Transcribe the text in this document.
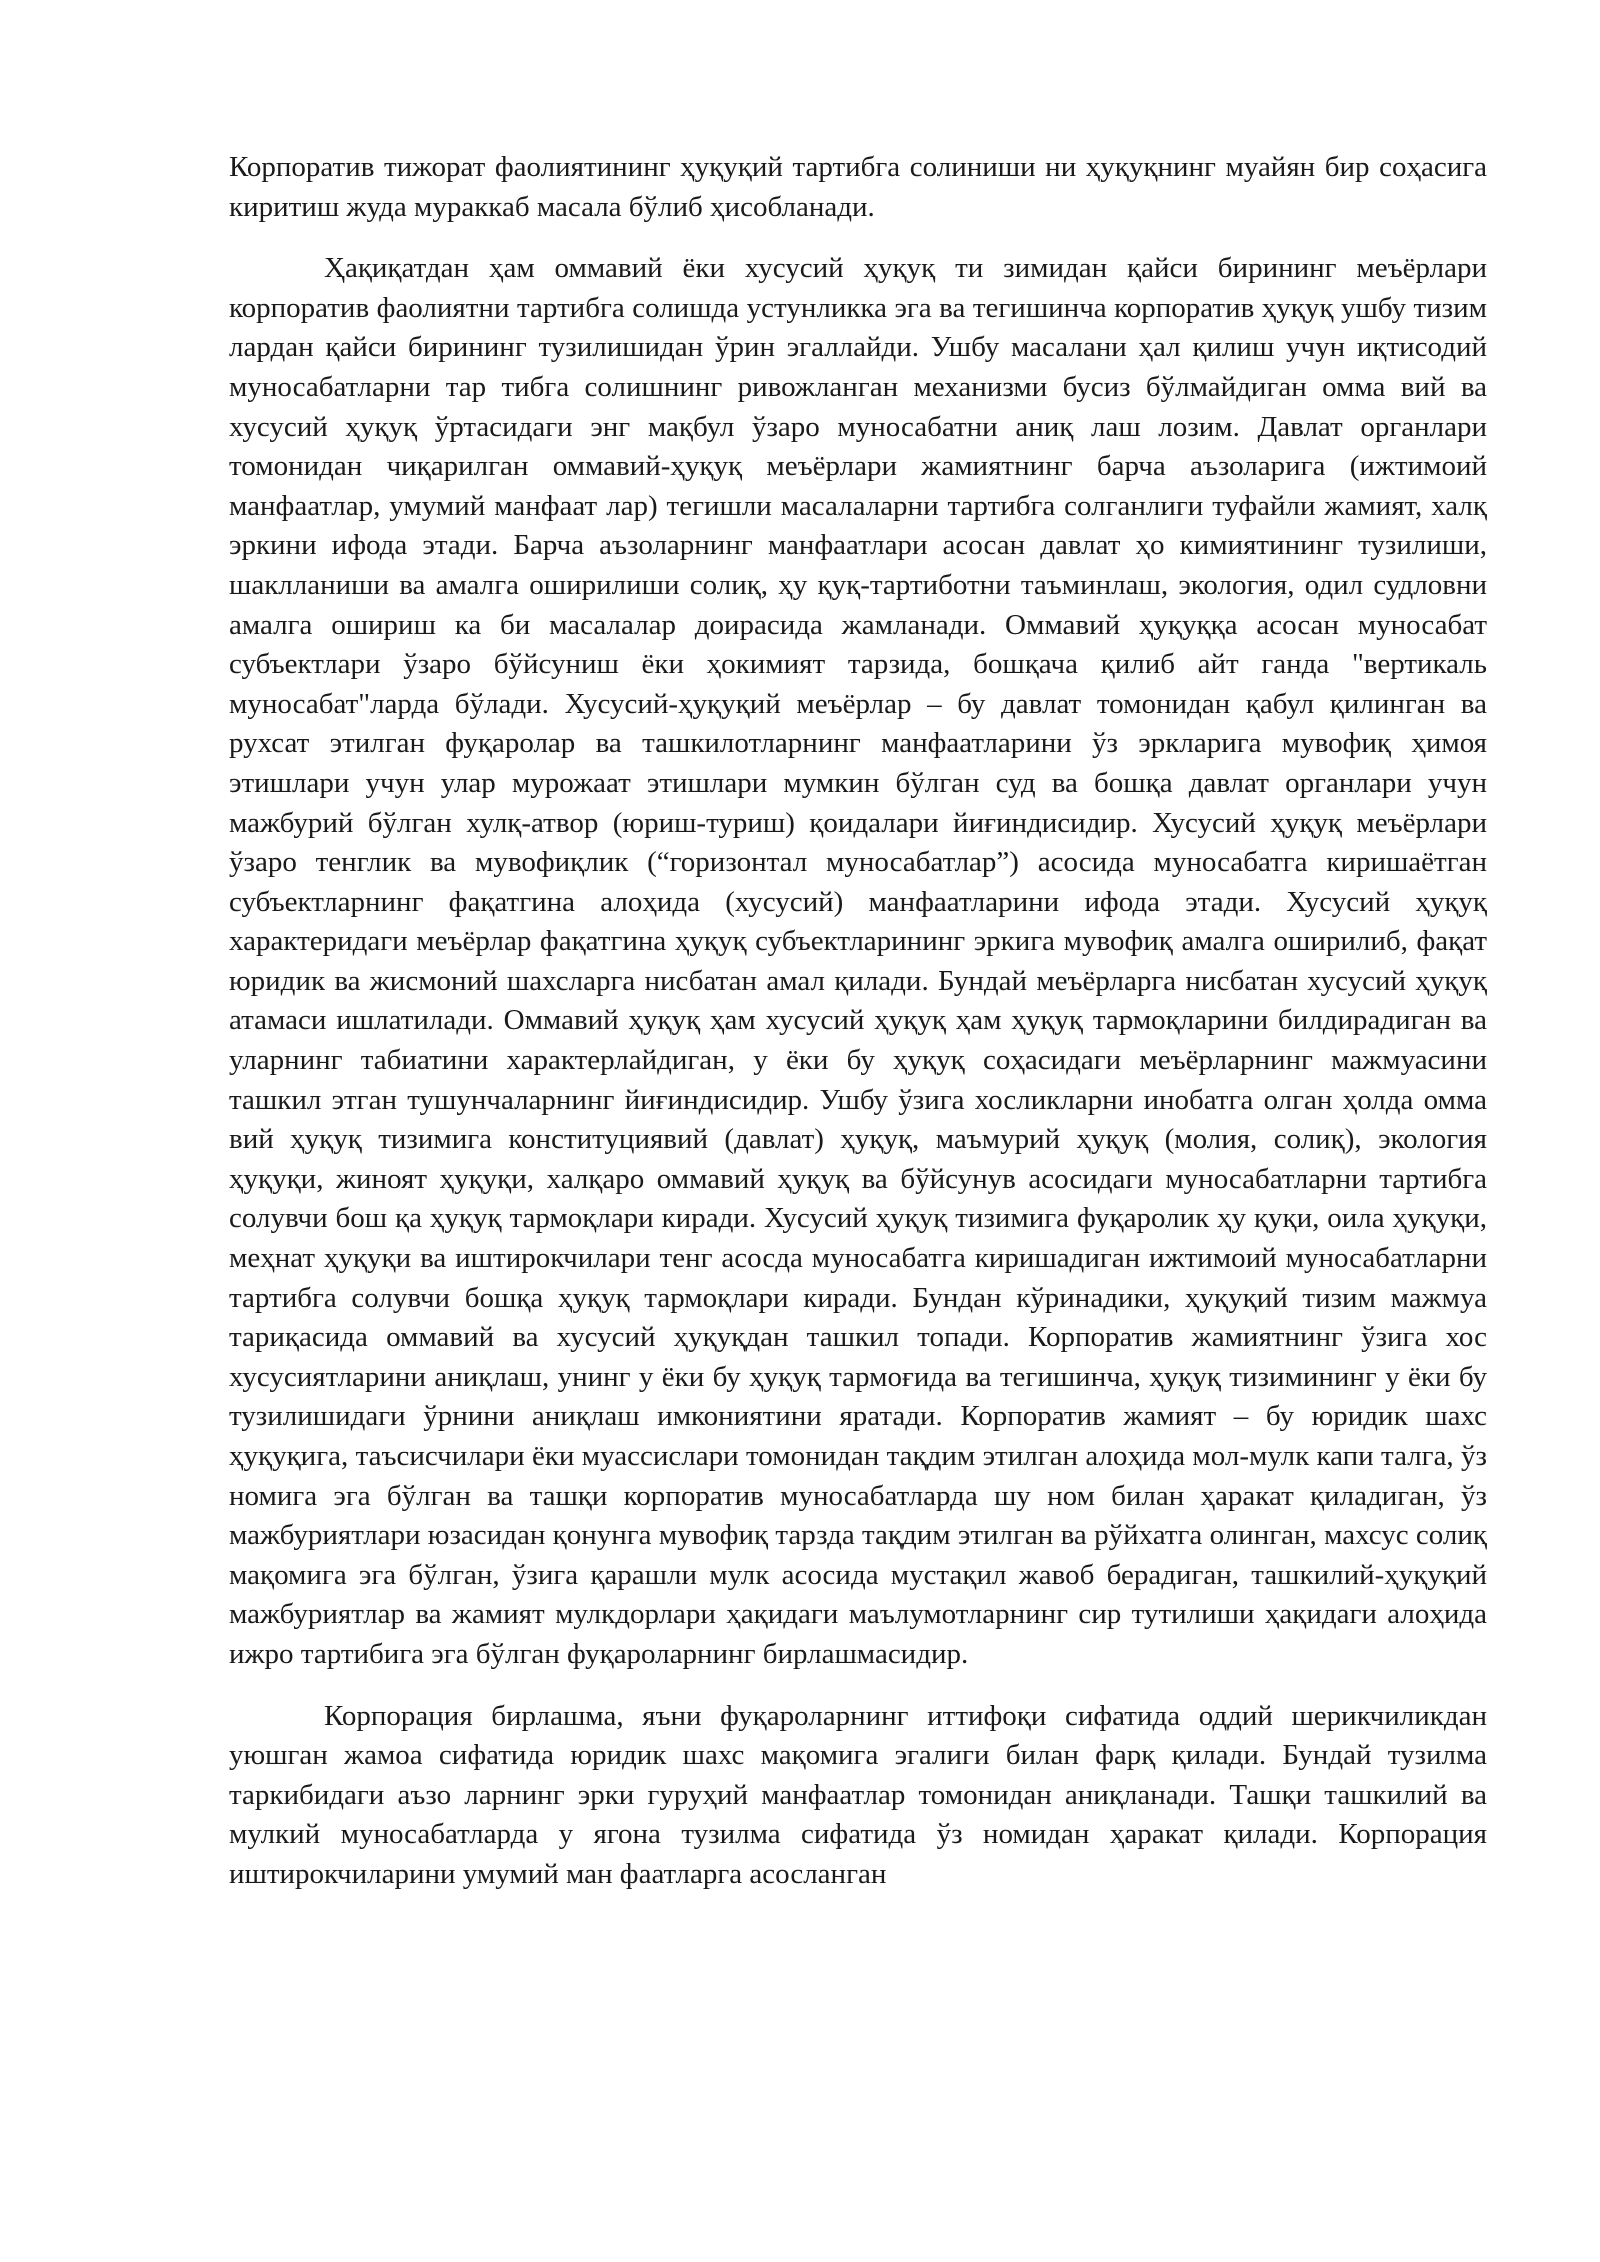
Корпоратив тижорат фаолиятининг ҳуқуқий тартибга солиниши ни ҳуқуқнинг муайян бир соҳасига киритиш жуда мураккаб масала бўлиб ҳисобланади.

Ҳақиқатдан ҳам оммавий ёки хусусий ҳуқуқ ти зимидан қайси бирининг меъёрлари корпоратив фаолиятни тартибга солишда устунликка эга ва тегишинча корпоратив ҳуқуқ ушбу тизим лардан қайси бирининг тузилишидан ўрин эгаллайди. Ушбу масалани ҳал қилиш учун иқтисодий муносабатларни тар тибга солишнинг ривожланган механизми бусиз бўлмайдиган омма вий ва хусусий ҳуқуқ ўртасидаги энг мақбул ўзаро муносабатни аниқ лаш лозим. Давлат органлари томонидан чиқарилган оммавий-ҳуқуқ меъёрлари жамиятнинг барча аъзоларига (ижтимоий манфаатлар, умумий манфаат лар) тегишли масалаларни тартибга солганлиги туфайли жамият, халқ эркини ифода этади. Барча аъзоларнинг манфаатлари асосан давлат ҳо кимиятининг тузилиши, шаклланиши ва амалга оширилиши солиқ, ҳу қуқ-тартиботни таъминлаш, экология, одил судловни амалга ошириш ка би масалалар доирасида жамланади. Оммавий ҳуқуққа асосан муносабат субъектлари ўзаро бўйсуниш ёки ҳокимият тарзида, бошқача қилиб айт ганда "вертикаль муносабат"ларда бўлади. Хусусий-ҳуқуқий меъёрлар – бу давлат томонидан қабул қилинган ва рухсат этилган фуқаролар ва ташкилотларнинг манфаатларини ўз эркларига мувофиқ ҳимоя этишлари учун улар мурожаат этишлари мумкин бўлган суд ва бошқа давлат органлари учун мажбурий бўлган хулқ-атвор (юриш-туриш) қоидалари йиғиндисидир. Хусусий ҳуқуқ меъёрлари ўзаро тенглик ва мувофиқлик (“горизонтал муносабатлар”) асосида муносабатга киришаётган субъектларнинг фақатгина алоҳида (хусусий) манфаатларини ифода этади. Хусусий ҳуқуқ характеридаги меъёрлар фақатгина ҳуқуқ субъектларининг эркига мувофиқ амалга оширилиб, фақат юридик ва жисмоний шахсларга нисбатан амал қилади. Бундай меъёрларга нисбатан хусусий ҳуқуқ атамаси ишлатилади. Оммавий ҳуқуқ ҳам хусусий ҳуқуқ ҳам ҳуқуқ тармоқларини билдирадиган ва уларнинг табиатини характерлайдиган, у ёки бу ҳуқуқ соҳасидаги меъёрларнинг мажмуасини ташкил этган тушунчаларнинг йиғиндисидир. Ушбу ўзига хосликларни инобатга олган ҳолда омма вий ҳуқуқ тизимига конституциявий (давлат) ҳуқуқ, маъмурий ҳуқуқ (молия, солиқ), экология ҳуқуқи, жиноят ҳуқуқи, халқаро оммавий ҳуқуқ ва бўйсунув асосидаги муносабатларни тартибга солувчи бош қа ҳуқуқ тармоқлари киради. Хусусий ҳуқуқ тизимига фуқаролик ҳу қуқи, оила ҳуқуқи, меҳнат ҳуқуқи ва иштирокчилари тенг асосда муносабатга киришадиган ижтимоий муносабатларни тартибга солувчи бошқа ҳуқуқ тармоқлари киради. Бундан кўринадики, ҳуқуқий тизим мажмуа тариқасида оммавий ва хусусий ҳуқуқдан ташкил топади. Корпоратив жамиятнинг ўзига хос хусусиятларини аниқлаш, унинг у ёки бу ҳуқуқ тармоғида ва тегишинча, ҳуқуқ тизимининг у ёки бу тузилишидаги ўрнини аниқлаш имкониятини яратади. Корпоратив жамият – бу юридик шахс ҳуқуқига, таъсисчилари ёки муассислари томонидан тақдим этилган алоҳида мол-мулк капи талга, ўз номига эга бўлган ва ташқи корпоратив муносабатларда шу ном билан ҳаракат қиладиган, ўз мажбуриятлари юзасидан қонунга мувофиқ тарзда тақдим этилган ва рўйхатга олинган, махсус солиқ мақомига эга бўлган, ўзига қарашли мулк асосида мустақил жавоб берадиган, ташкилий-ҳуқуқий мажбуриятлар ва жамият мулкдорлари ҳақидаги маълумотларнинг сир тутилиши ҳақидаги алоҳида ижро тартибига эга бўлган фуқароларнинг бирлашмасидир.

Корпорация бирлашма, яъни фуқароларнинг иттифоқи сифатида оддий шерикчиликдан уюшган жамоа сифатида юридик шахс мақомига эгалиги билан фарқ қилади. Бундай тузилма таркибидаги аъзо ларнинг эрки гуруҳий манфаатлар томонидан аниқланади. Ташқи ташкилий ва мулкий муносабатларда у ягона тузилма сифатида ўз номидан ҳаракат қилади. Корпорация иштирокчиларини умумий ман фаатларга асосланган
